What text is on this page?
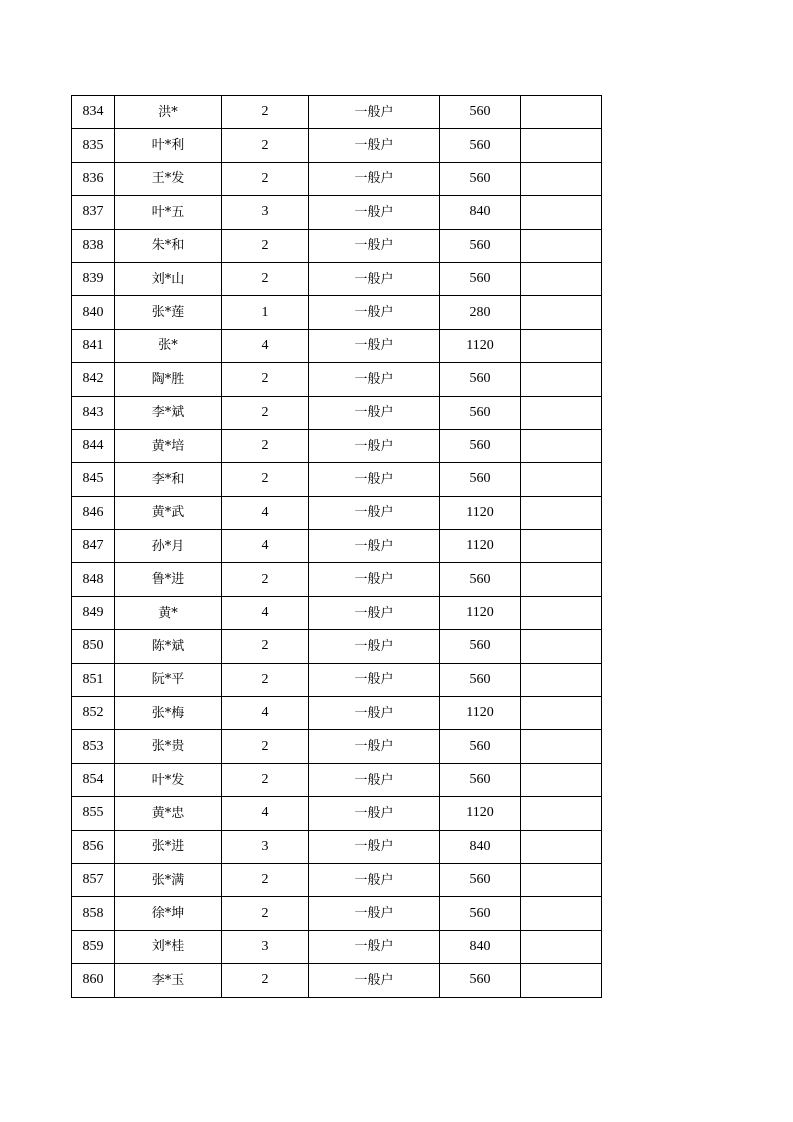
834	洪*	2	一般户	560	
835	叶*利	2	一般户	560	
836	王*发	2	一般户	560	
837	叶*五	3	一般户	840	
838	朱*和	2	一般户	560	
839	刘*山	2	一般户	560	
840	张*莲	1	一般户	280	
841	张*	4	一般户	1120	
842	陶*胜	2	一般户	560	
843	李*斌	2	一般户	560	
844	黄*培	2	一般户	560	
845	李*和	2	一般户	560	
846	黄*武	4	一般户	1120	
847	孙*月	4	一般户	1120	
848	鲁*进	2	一般户	560	
849	黄*	4	一般户	1120	
850	陈*斌	2	一般户	560	
851	阮*平	2	一般户	560	
852	张*梅	4	一般户	1120	
853	张*贵	2	一般户	560	
854	叶*发	2	一般户	560	
855	黄*忠	4	一般户	1120	
856	张*进	3	一般户	840	
857	张*满	2	一般户	560	
858	徐*坤	2	一般户	560	
859	刘*桂	3	一般户	840	
860	李*玉	2	一般户	560	
